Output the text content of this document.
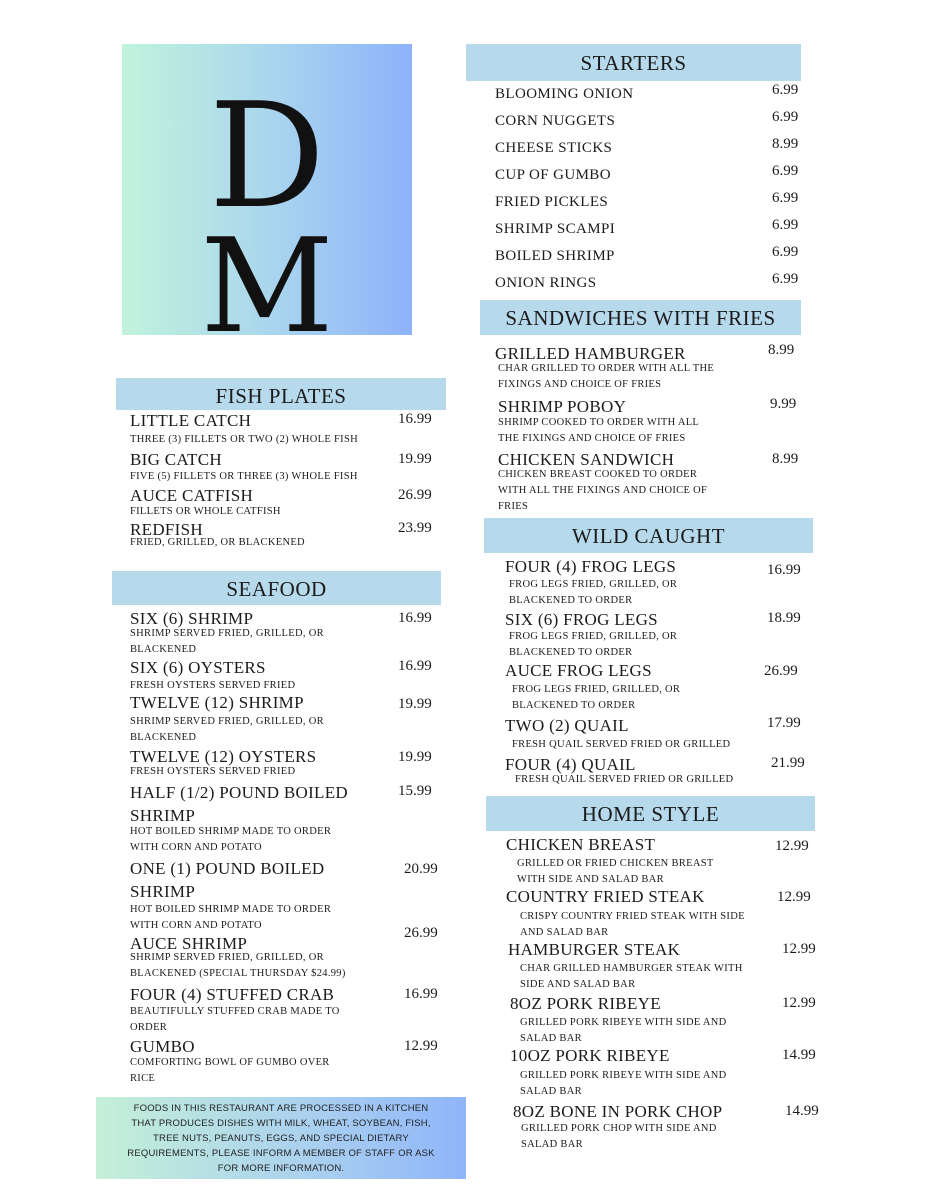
D
M
FISH PLATES
SEAFOOD
STARTERS
SANDWICHES WITH FRIES
WILD CAUGHT
HOME STYLE
LITTLE CATCH	16.99
THREE (3) FILLETS OR TWO (2) WHOLE FISH
BIG CATCH	19.99
FIVE (5) FILLETS OR THREE (3) WHOLE FISH
AUCE CATFISH	26.99
FILLETS OR WHOLE CATFISH
REDFISH	23.99
FRIED, GRILLED, OR BLACKENED
SIX (6) SHRIMP	16.99
SHRIMP SERVED FRIED, GRILLED, OR
BLACKENED
SIX (6) OYSTERS	16.99
FRESH OYSTERS SERVED FRIED
TWELVE (12) SHRIMP	19.99
SHRIMP SERVED FRIED, GRILLED, OR
BLACKENED
TWELVE (12) OYSTERS	19.99
FRESH OYSTERS SERVED FRIED
HALF (1/2) POUND BOILED
SHRIMP
15.99
HOT BOILED SHRIMP MADE TO ORDER
WITH CORN AND POTATO
ONE (1) POUND BOILED
SHRIMP
20.99
HOT BOILED SHRIMP MADE TO ORDER
WITH CORN AND POTATO
AUCE SHRIMP
26.99
SHRIMP SERVED FRIED, GRILLED, OR
BLACKENED (SPECIAL THURSDAY $24.99)
FOUR (4) STUFFED CRAB	16.99
BEAUTIFULLY STUFFED CRAB MADE TO
ORDER
GUMBO	12.99
COMFORTING BOWL OF GUMBO OVER
RICE
FOODS IN THIS RESTAURANT ARE PROCESSED IN A KITCHEN
THAT PRODUCES DISHES WITH MILK, WHEAT, SOYBEAN, FISH,
TREE NUTS, PEANUTS, EGGS, AND SPECIAL DIETARY
REQUIREMENTS, PLEASE INFORM A MEMBER OF STAFF OR ASK
FOR MORE INFORMATION.
BLOOMING ONION	6.99
CORN NUGGETS	6.99
CHEESE STICKS	8.99
CUP OF GUMBO	6.99
FRIED PICKLES	6.99
SHRIMP SCAMPI	6.99
BOILED SHRIMP	6.99
ONION RINGS	6.99
GRILLED HAMBURGER	8.99
CHAR GRILLED TO ORDER WITH ALL THE
FIXINGS AND CHOICE OF FRIES
SHRIMP POBOY	9.99
SHRIMP COOKED TO ORDER WITH ALL
THE FIXINGS AND CHOICE OF FRIES
CHICKEN SANDWICH	8.99
CHICKEN BREAST COOKED TO ORDER
WITH ALL THE FIXINGS AND CHOICE OF
FRIES
FOUR (4) FROG LEGS	16.99
FROG LEGS FRIED, GRILLED, OR
BLACKENED TO ORDER
SIX (6) FROG LEGS	18.99
FROG LEGS FRIED, GRILLED, OR
BLACKENED TO ORDER
AUCE FROG LEGS	26.99
FROG LEGS FRIED, GRILLED, OR
BLACKENED TO ORDER
TWO (2) QUAIL	17.99
FRESH QUAIL SERVED FRIED OR GRILLED
FOUR (4) QUAIL	21.99
FRESH QUAIL SERVED FRIED OR GRILLED
CHICKEN BREAST	12.99
GRILLED OR FRIED CHICKEN BREAST
WITH SIDE AND SALAD BAR
COUNTRY FRIED STEAK	12.99
CRISPY COUNTRY FRIED STEAK WITH SIDE
AND SALAD BAR
HAMBURGER STEAK	12.99
CHAR GRILLED HAMBURGER STEAK WITH
SIDE AND SALAD BAR
8OZ PORK RIBEYE	12.99
GRILLED PORK RIBEYE WITH SIDE AND
SALAD BAR
10OZ PORK RIBEYE	14.99
GRILLED PORK RIBEYE WITH SIDE AND
SALAD BAR
8OZ BONE IN PORK CHOP	14.99
GRILLED PORK CHOP WITH SIDE AND
SALAD BAR
